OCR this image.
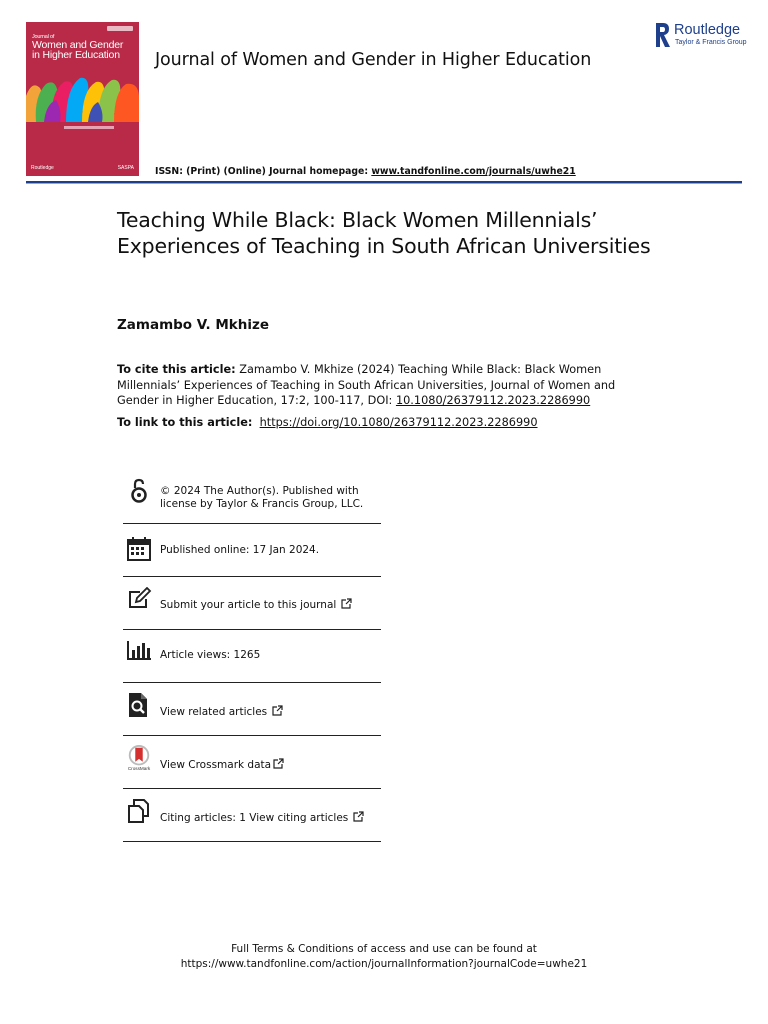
Journal of
Women and Gender
in Higher Education
Routledge	SASPA
Journal of Women and Gender in Higher Education
Routledge
Taylor & Francis Group
ISSN: (Print) (Online) Journal homepage: www.tandfonline.com/journals/uwhe21
Teaching While Black: Black Women Millennials’ Experiences of Teaching in South African Universities
Zamambo V. Mkhize
To cite this article: Zamambo V. Mkhize (2024) Teaching While Black: Black Women Millennials’ Experiences of Teaching in South African Universities, Journal of Women and Gender in Higher Education, 17:2, 100-117, DOI: 10.1080/26379112.2023.2286990
To link to this article: https://doi.org/10.1080/26379112.2023.2286990
© 2024 The Author(s). Published with
license by Taylor & Francis Group, LLC.
Published online: 17 Jan 2024.
Submit your article to this journal
Article views: 1265
View related articles
CrossMark View Crossmark data
Citing articles: 1 View citing articles
Full Terms & Conditions of access and use can be found at
https://www.tandfonline.com/action/journalInformation?journalCode=uwhe21
